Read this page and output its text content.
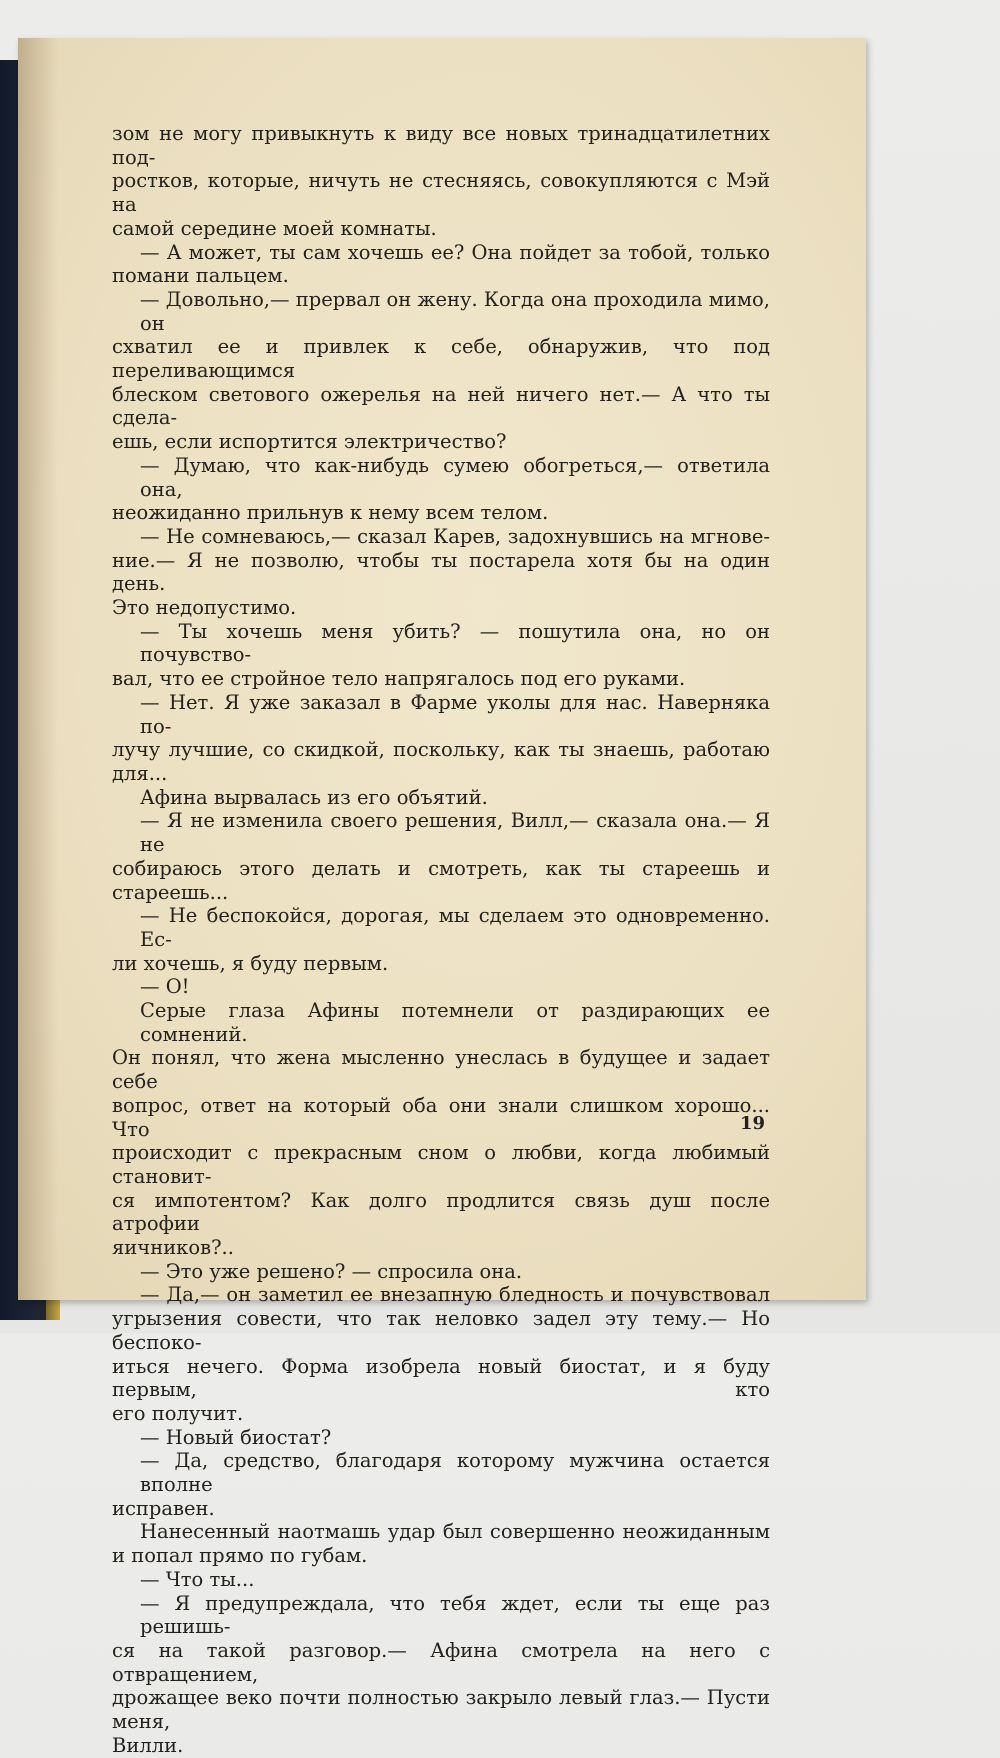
зом не могу привыкнуть к виду все новых тринадцатилетних под-
ростков, которые, ничуть не стесняясь, совокупляются с Мэй на
самой середине моей комнаты.
— А может, ты сам хочешь ее? Она пойдет за тобой, только
помани пальцем.
— Довольно,— прервал он жену. Когда она проходила мимо, он
схватил ее и привлек к себе, обнаружив, что под переливающимся
блеском светового ожерелья на ней ничего нет.— А что ты сдела-
ешь, если испортится электричество?
— Думаю, что как-нибудь сумею обогреться,— ответила она,
неожиданно прильнув к нему всем телом.
— Не сомневаюсь,— сказал Карев, задохнувшись на мгнове-
ние.— Я не позволю, чтобы ты постарела хотя бы на один день.
Это недопустимо.
— Ты хочешь меня убить? — пошутила она, но он почувство-
вал, что ее стройное тело напрягалось под его руками.
— Нет. Я уже заказал в Фарме уколы для нас. Наверняка по-
лучу лучшие, со скидкой, поскольку, как ты знаешь, работаю для...
Афина вырвалась из его объятий.
— Я не изменила своего решения, Вилл,— сказала она.— Я не
собираюсь этого делать и смотреть, как ты стареешь и стареешь...
— Не беспокойся, дорогая, мы сделаем это одновременно. Ес-
ли хочешь, я буду первым.
— О!
Серые глаза Афины потемнели от раздирающих ее сомнений.
Он понял, что жена мысленно унеслась в будущее и задает себе
вопрос, ответ на который оба они знали слишком хорошо... Что
происходит с прекрасным сном о любви, когда любимый становит-
ся импотентом? Как долго продлится связь душ после атрофии
яичников?..
— Это уже решено? — спросила она.
— Да,— он заметил ее внезапную бледность и почувствовал
угрызения совести, что так неловко задел эту тему.— Но беспоко-
иться нечего. Форма изобрела новый биостат, и я буду первым, кто
его получит.
— Новый биостат?
— Да, средство, благодаря которому мужчина остается вполне
исправен.
Нанесенный наотмашь удар был совершенно неожиданным
и попал прямо по губам.
— Что ты...
— Я предупреждала, что тебя ждет, если ты еще раз решишь-
ся на такой разговор.— Афина смотрела на него с отвращением,
дрожащее веко почти полностью закрыло левый глаз.— Пусти меня,
Вилли.
19
